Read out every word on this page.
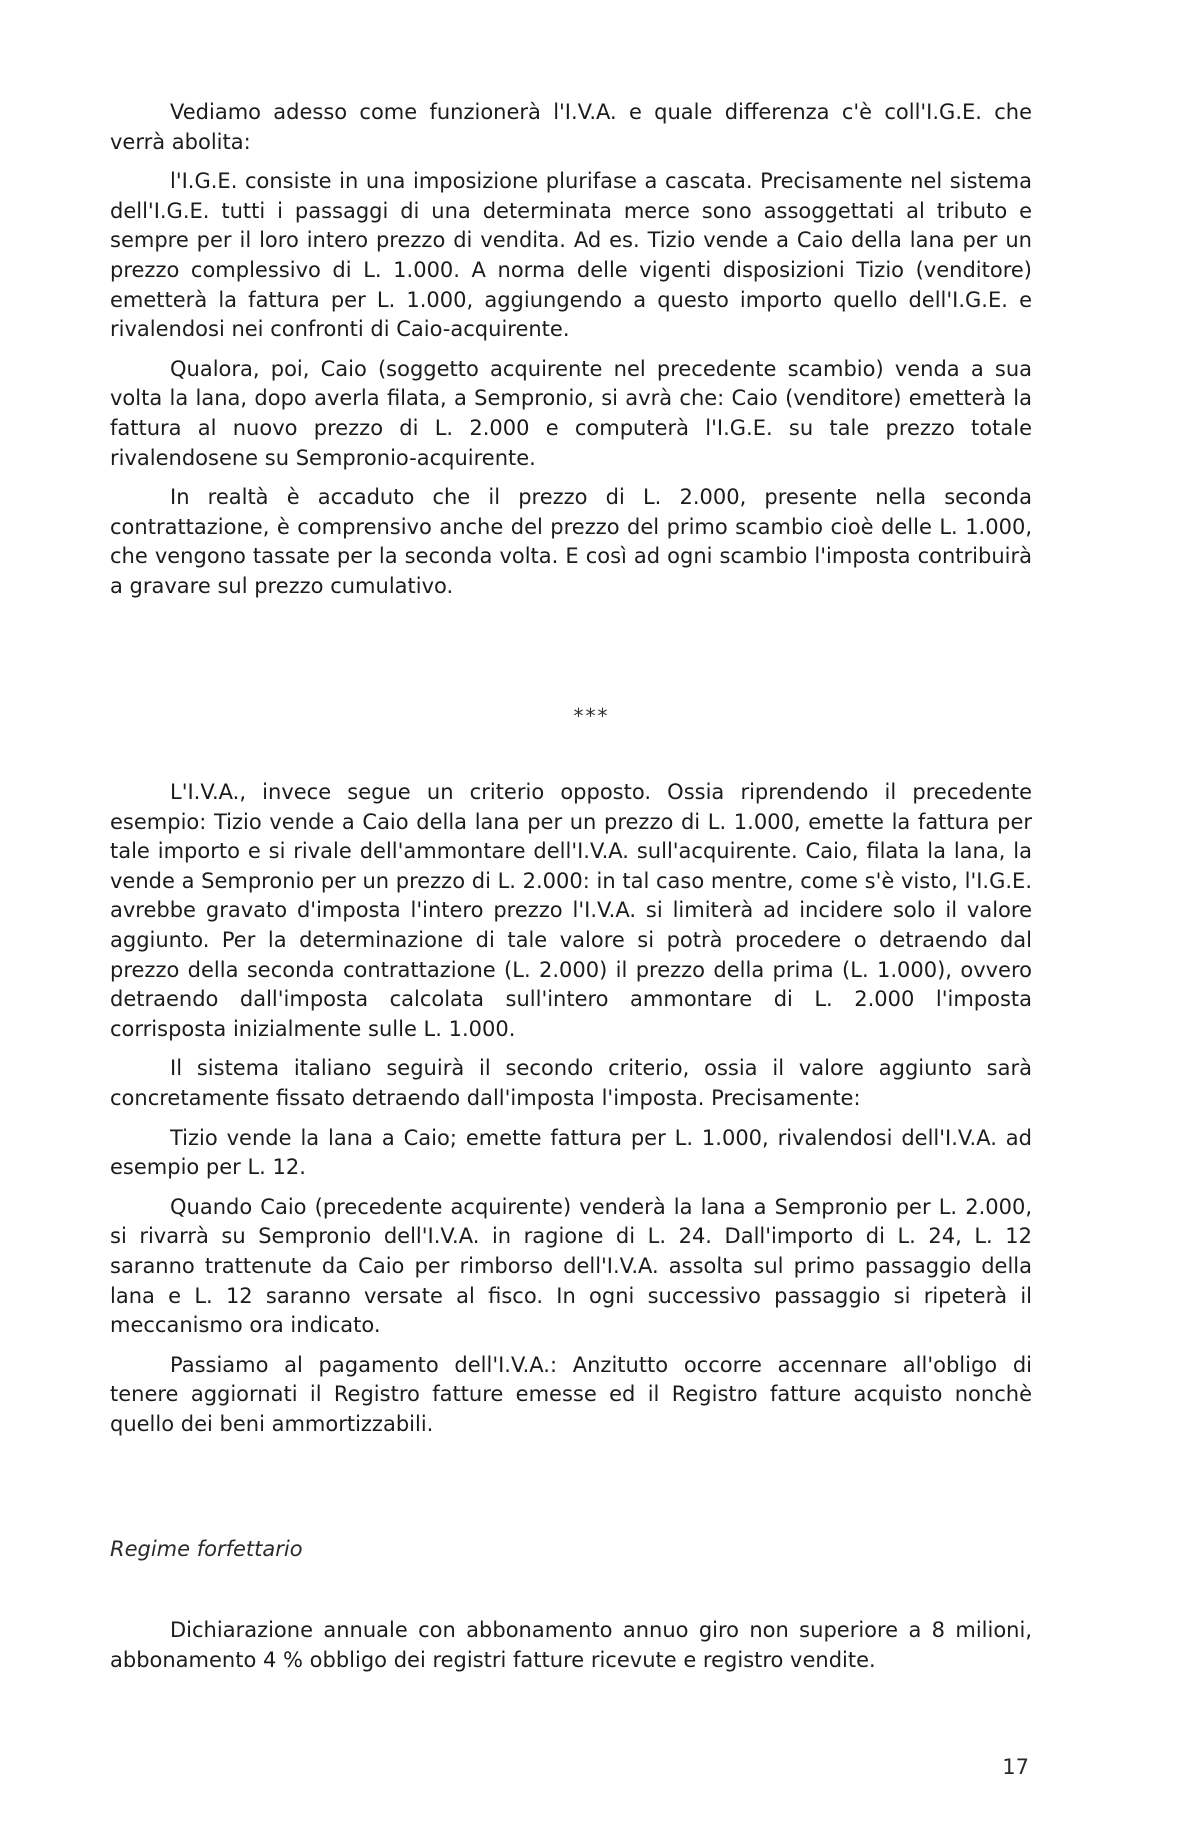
Vediamo adesso come funzionerà l'I.V.A. e quale differenza c'è coll'I.G.E. che verrà abolita:

l'I.G.E. consiste in una imposizione plurifase a cascata. Precisamente nel sistema dell'I.G.E. tutti i passaggi di una determinata merce sono assoggettati al tributo e sempre per il loro intero prezzo di vendita. Ad es. Tizio vende a Caio della lana per un prezzo complessivo di L. 1.000. A norma delle vigenti disposizioni Tizio (venditore) emetterà la fattura per L. 1.000, aggiungendo a questo importo quello dell'I.G.E. e rivalendosi nei confronti di Caio-acquirente.

Qualora, poi, Caio (soggetto acquirente nel precedente scambio) venda a sua volta la lana, dopo averla filata, a Sempronio, si avrà che: Caio (venditore) emetterà la fattura al nuovo prezzo di L. 2.000 e computerà l'I.G.E. su tale prezzo totale rivalendosene su Sempronio-acquirente.

In realtà è accaduto che il prezzo di L. 2.000, presente nella seconda contrattazione, è comprensivo anche del prezzo del primo scambio cioè delle L. 1.000, che vengono tassate per la seconda volta. E così ad ogni scambio l'imposta contribuirà a gravare sul prezzo cumulativo.

***

L'I.V.A., invece segue un criterio opposto. Ossia riprendendo il precedente esempio: Tizio vende a Caio della lana per un prezzo di L. 1.000, emette la fattura per tale importo e si rivale dell'ammontare dell'I.V.A. sull'acquirente. Caio, filata la lana, la vende a Sempronio per un prezzo di L. 2.000: in tal caso mentre, come s'è visto, l'I.G.E. avrebbe gravato d'imposta l'intero prezzo l'I.V.A. si limiterà ad incidere solo il valore aggiunto. Per la determinazione di tale valore si potrà procedere o detraendo dal prezzo della seconda contrattazione (L. 2.000) il prezzo della prima (L. 1.000), ovvero detraendo dall'imposta calcolata sull'intero ammontare di L. 2.000 l'imposta corrisposta inizialmente sulle L. 1.000.

Il sistema italiano seguirà il secondo criterio, ossia il valore aggiunto sarà concretamente fissato detraendo dall'imposta l'imposta. Precisamente:

Tizio vende la lana a Caio; emette fattura per L. 1.000, rivalendosi dell'I.V.A. ad esempio per L. 12.

Quando Caio (precedente acquirente) venderà la lana a Sempronio per L. 2.000, si rivarrà su Sempronio dell'I.V.A. in ragione di L. 24. Dall'importo di L. 24, L. 12 saranno trattenute da Caio per rimborso dell'I.V.A. assolta sul primo passaggio della lana e L. 12 saranno versate al fisco. In ogni successivo passaggio si ripeterà il meccanismo ora indicato.

Passiamo al pagamento dell'I.V.A.: Anzitutto occorre accennare all'obligo di tenere aggiornati il Registro fatture emesse ed il Registro fatture acquisto nonchè quello dei beni ammortizzabili.

Regime forfettario

Dichiarazione annuale con abbonamento annuo giro non superiore a 8 milioni, abbonamento 4 % obbligo dei registri fatture ricevute e registro vendite.

17
